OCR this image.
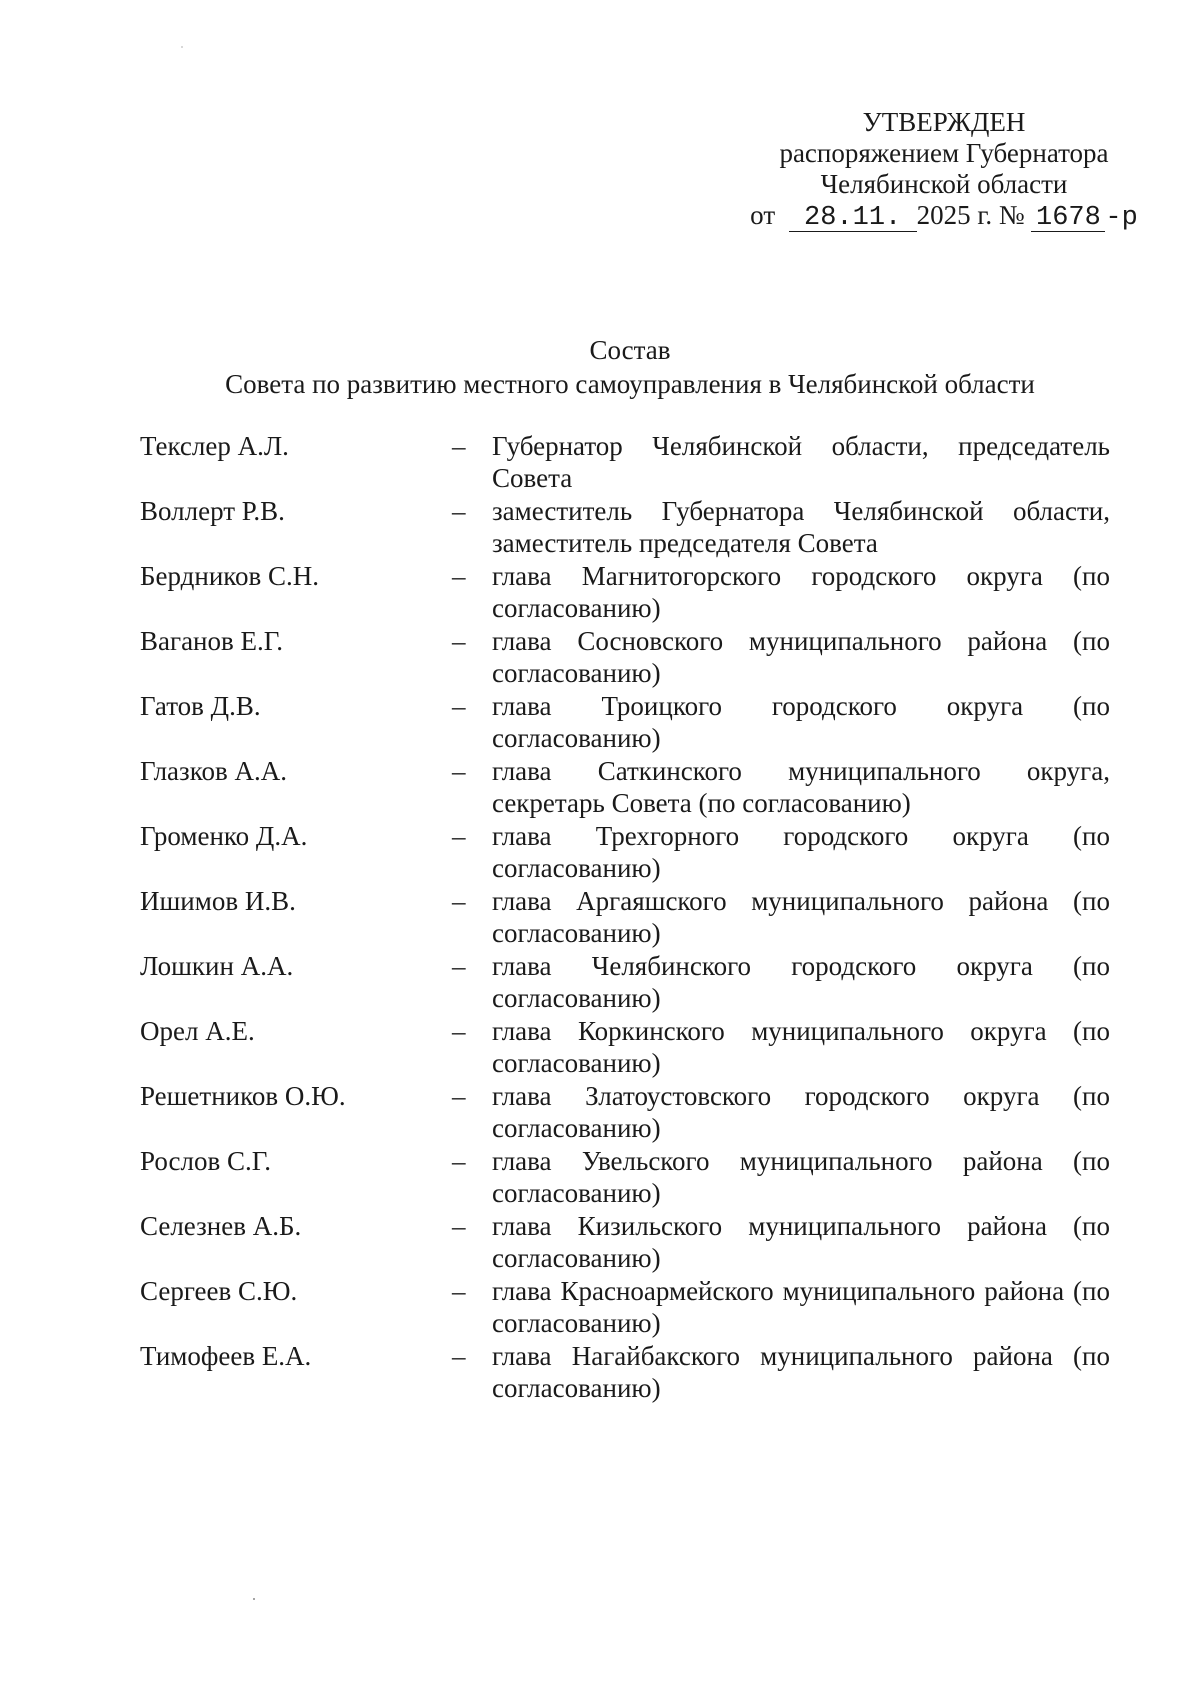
УТВЕРЖДЕН
распоряжением Губернатора
Челябинской области
от 28.11. 2025 г. № 1678 -р
Состав
Совета по развитию местного самоуправления в Челябинской области
Текслер А.Л.	– Губернатор Челябинской области, председатель Совета
Воллерт Р.В.	– заместитель Губернатора Челябинской области, заместитель председателя Совета
Бердников С.Н.	– глава Магнитогорского городского округа (по согласованию)
Ваганов Е.Г.	– глава Сосновского муниципального района (по согласованию)
Гатов Д.В.	– глава Троицкого городского округа (по согласованию)
Глазков А.А.	– глава Саткинского муниципального округа, секретарь Совета (по согласованию)
Громенко Д.А.	– глава Трехгорного городского округа (по согласованию)
Ишимов И.В.	– глава Аргаяшского муниципального района (по согласованию)
Лошкин А.А.	– глава Челябинского городского округа (по согласованию)
Орел А.Е.	– глава Коркинского муниципального округа (по согласованию)
Решетников О.Ю.	– глава Златоустовского городского округа (по согласованию)
Рослов С.Г.	– глава Увельского муниципального района (по согласованию)
Селезнев А.Б.	– глава Кизильского муниципального района (по согласованию)
Сергеев С.Ю.	– глава Красноармейского муниципального района (по согласованию)
Тимофеев Е.А.	– глава Нагайбакского муниципального района (по согласованию)
